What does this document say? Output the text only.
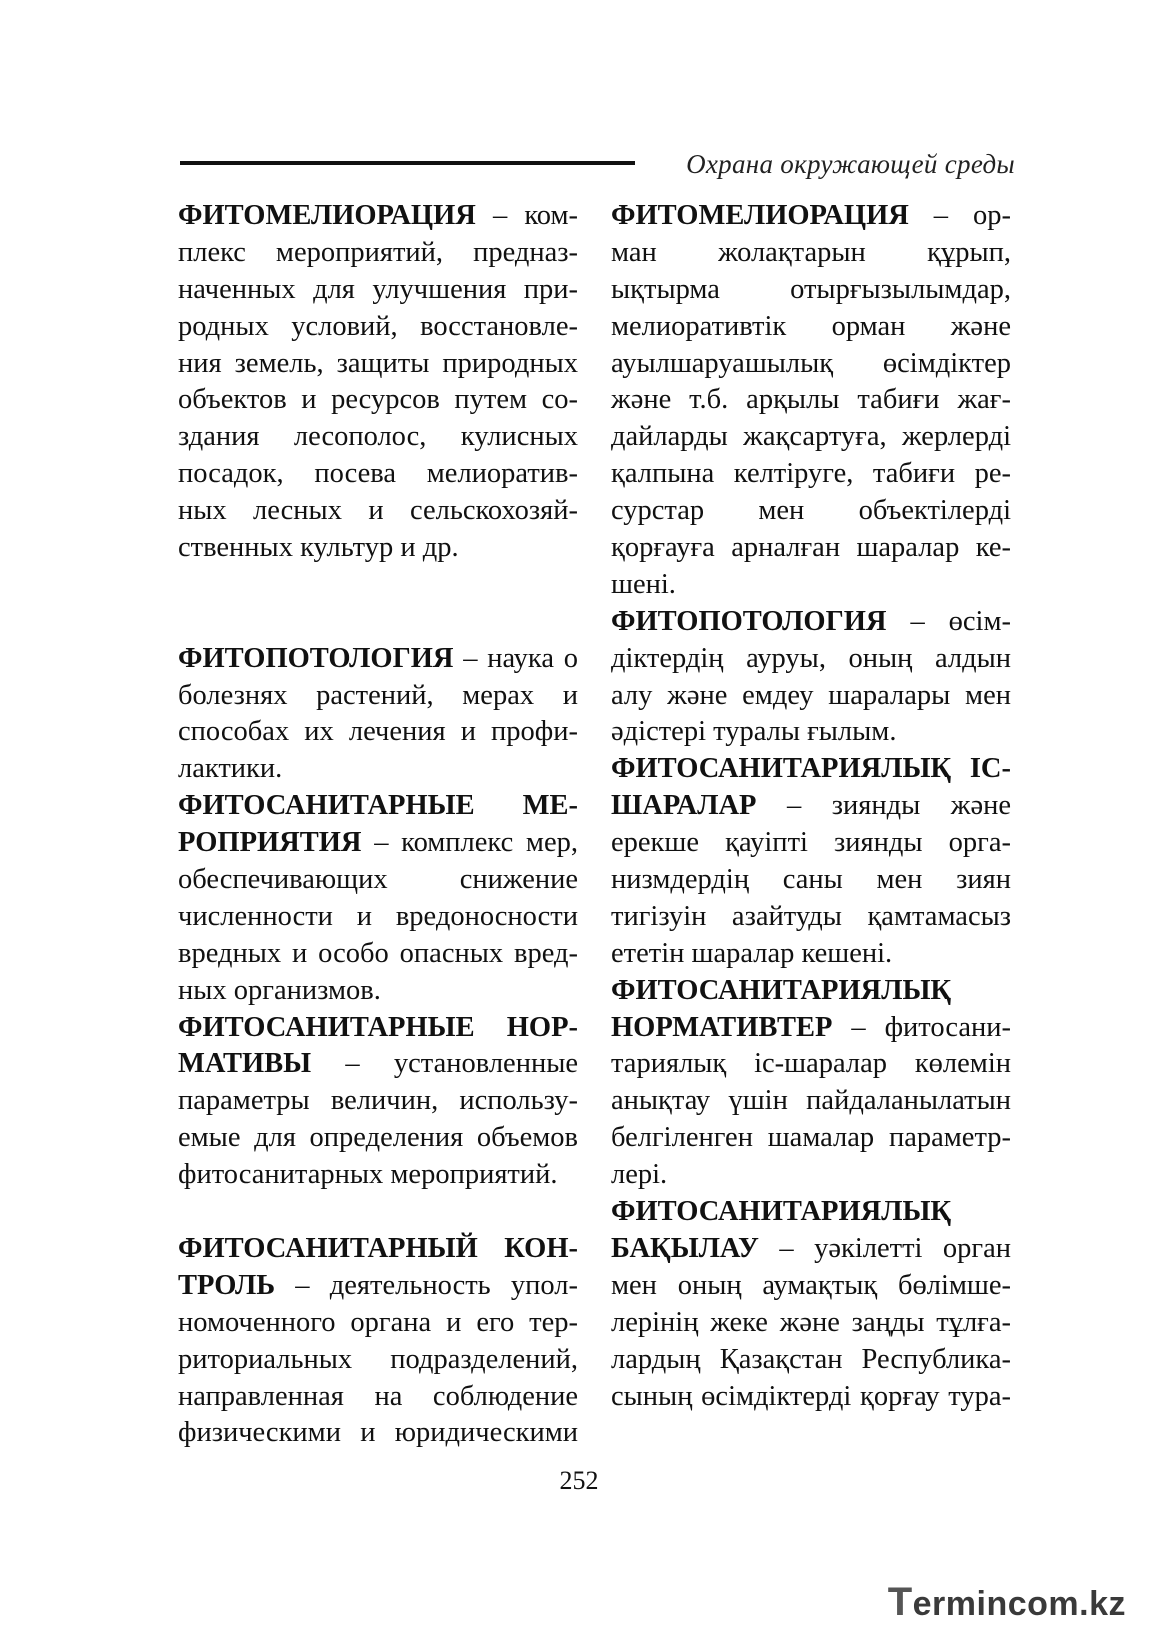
Охрана окружающей среды
ФИТОМЕЛИОРАЦИЯ – ком-
плекс мероприятий, предназ-
наченных для улучшения при-
родных условий, восстановле-
ния земель, защиты природных
объектов и ресурсов путем со-
здания лесополос, кулисных
посадок, посева мелиоратив-
ных лесных и сельскохозяй-
ственных культур и др.
ФИТОПОТОЛОГИЯ – наука о
болезнях растений, мерах и
способах их лечения и профи-
лактики.
ФИТОСАНИТАРНЫЕ МЕ-
РОПРИЯТИЯ – комплекс мер,
обеспечивающих снижение
численности и вредоносности
вредных и особо опасных вред-
ных организмов.
ФИТОСАНИТАРНЫЕ НОР-
МАТИВЫ – установленные
параметры величин, использу-
емые для определения объемов
фитосанитарных мероприятий.
ФИТОСАНИТАРНЫЙ КОН-
ТРОЛЬ – деятельность упол-
номоченного органа и его тер-
риториальных подразделений,
направленная на соблюдение
физическими и юридическими
ФИТОМЕЛИОРАЦИЯ – ор-
ман жолақтарын құрып,
ықтырма отырғызылымдар,
мелиоративтік орман және
ауылшаруашылық өсімдіктер
және т.б. арқылы табиғи жағ-
дайларды жақсартуға, жерлерді
қалпына келтіруге, табиғи ре-
сурстар мен объектілерді
қорғауға арналған шаралар ке-
шені.
ФИТОПОТОЛОГИЯ – өсім-
діктердің ауруы, оның алдын
алу және емдеу шаралары мен
әдістері туралы ғылым.
ФИТОСАНИТАРИЯЛЫҚ ІС-
ШАРАЛАР – зиянды және
ерекше қауіпті зиянды орга-
низмдердің саны мен зиян
тигізуін азайтуды қамтамасыз
ететін шаралар кешені.
ФИТОСАНИТАРИЯЛЫҚ
НОРМАТИВТЕР – фитосани-
тариялық іс-шаралар көлемін
анықтау үшін пайдаланылатын
белгіленген шамалар параметр-
лері.
ФИТОСАНИТАРИЯЛЫҚ
БАҚЫЛАУ – уәкілетті орган
мен оның аумақтық бөлімше-
лерінің жеке және заңды тұлға-
лардың Қазақстан Республика-
сының өсімдіктерді қорғау тура-
252
Termincom.kz
